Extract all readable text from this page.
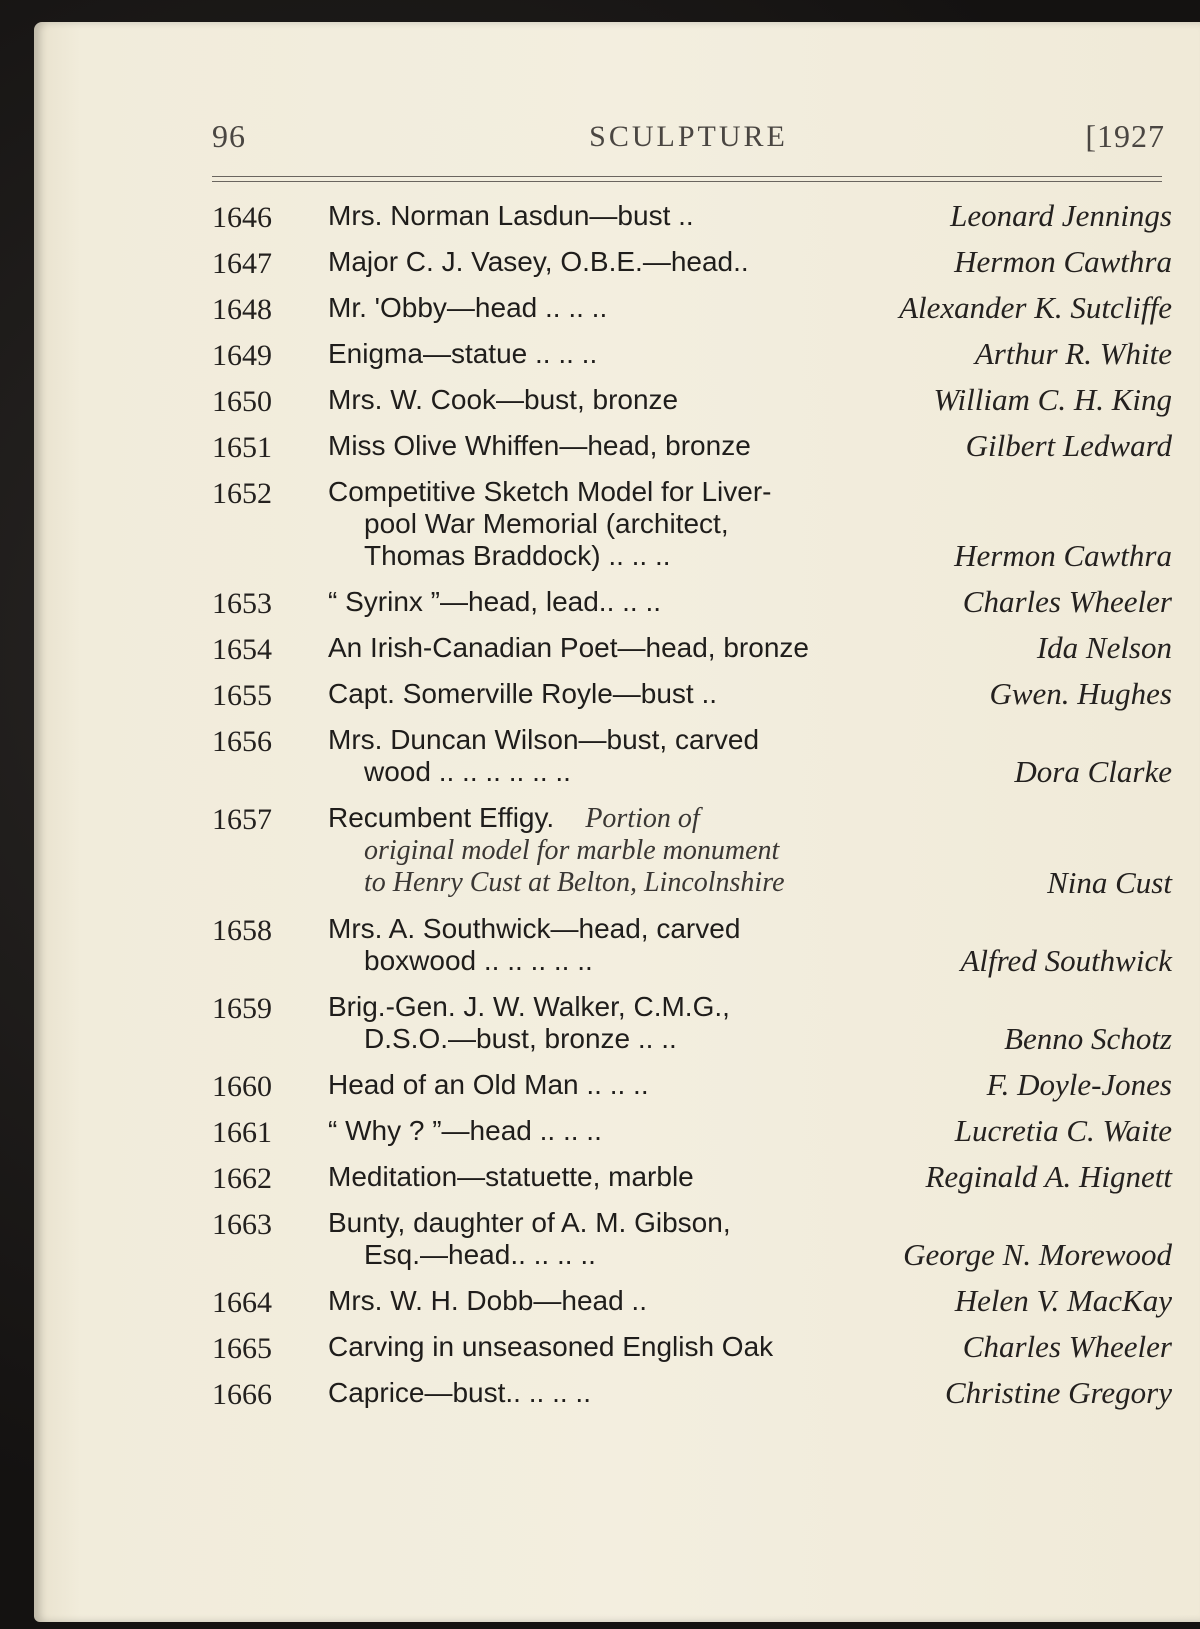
96	SCULPTURE	[1927
1646	Mrs. Norman Lasdun—bust ..	Leonard Jennings
1647	Major C. J. Vasey, O.B.E.—head..	Hermon Cawthra
1648	Mr. 'Obby—head .. .. ..	Alexander K. Sutcliffe
1649	Enigma—statue .. .. ..	Arthur R. White
1650	Mrs. W. Cook—bust, bronze	William C. H. King
1651	Miss Olive Whiffen—head, bronze	Gilbert Ledward
1652	Competitive Sketch Model for Liver-
pool War Memorial (architect,
Thomas Braddock) .. .. ..	Hermon Cawthra
1653	“ Syrinx ”—head, lead.. .. ..	Charles Wheeler
1654	An Irish-Canadian Poet—head, bronze	Ida Nelson
1655	Capt. Somerville Royle—bust ..	Gwen. Hughes
1656	Mrs. Duncan Wilson—bust, carved
wood .. .. .. .. .. ..	Dora Clarke
1657	Recumbent Effigy. Portion of
original model for marble monument
to Henry Cust at Belton, Lincolnshire	Nina Cust
1658	Mrs. A. Southwick—head, carved
boxwood .. .. .. .. ..	Alfred Southwick
1659	Brig.-Gen. J. W. Walker, C.M.G.,
D.S.O.—bust, bronze .. ..	Benno Schotz
1660	Head of an Old Man .. .. ..	F. Doyle-Jones
1661	“ Why ? ”—head .. .. ..	Lucretia C. Waite
1662	Meditation—statuette, marble	Reginald A. Hignett
1663	Bunty, daughter of A. M. Gibson,
Esq.—head.. .. .. ..	George N. Morewood
1664	Mrs. W. H. Dobb—head ..	Helen V. MacKay
1665	Carving in unseasoned English Oak	Charles Wheeler
1666	Caprice—bust.. .. .. ..	Christine Gregory
